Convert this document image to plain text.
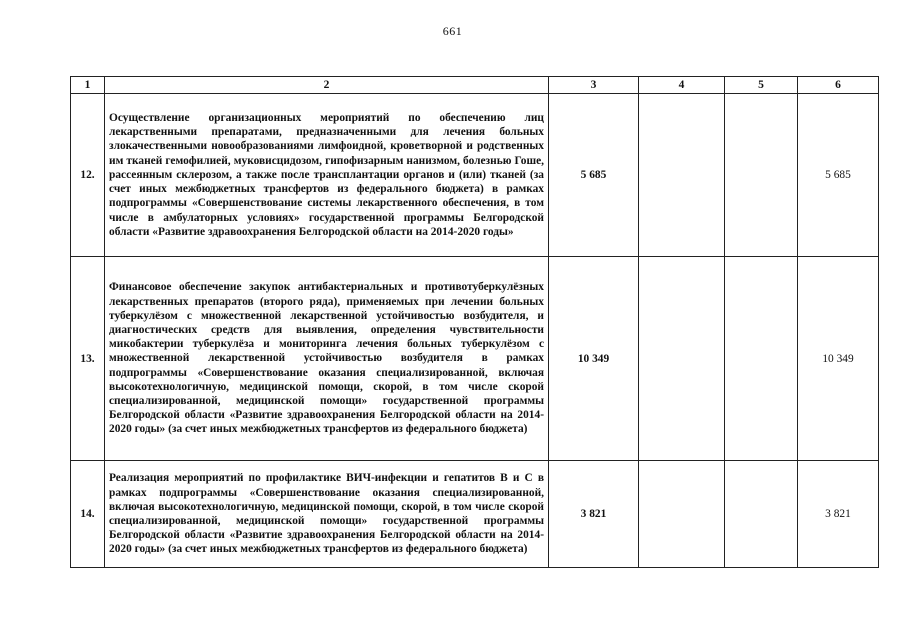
661
1	2	3	4	5	6
12.	Осуществление организационных мероприятий по обеспечению лиц лекарственными препаратами, предназначенными для лечения больных злокачественными новообразованиями лимфоидной, кроветворной и родственных им тканей гемофилией, муковисцидозом, гипофизарным нанизмом, болезнью Гоше, рассеянным склерозом, а также после трансплантации органов и (или) тканей (за счет иных межбюджетных трансфертов из федерального бюджета) в рамках подпрограммы «Совершенствование системы лекарственного обеспечения, в том числе в амбулаторных условиях» государственной программы Белгородской области «Развитие здравоохранения Белгородской области на 2014-2020 годы»	5 685			5 685
13.	Финансовое обеспечение закупок антибактериальных и противотуберкулёзных лекарственных препаратов (второго ряда), применяемых при лечении больных туберкулёзом с множественной лекарственной устойчивостью возбудителя, и диагностических средств для выявления, определения чувствительности микобактерии туберкулёза и мониторинга лечения больных туберкулёзом с множественной лекарственной устойчивостью возбудителя в рамках подпрограммы «Совершенствование оказания специализированной, включая высокотехнологичную, медицинской помощи, скорой, в том числе скорой специализированной, медицинской помощи» государственной программы Белгородской области «Развитие здравоохранения Белгородской области на 2014-2020 годы» (за счет иных межбюджетных трансфертов из федерального бюджета)	10 349			10 349
14.	Реализация мероприятий по профилактике ВИЧ-инфекции и гепатитов В и С в рамках подпрограммы «Совершенствование оказания специализированной, включая высокотехнологичную, медицинской помощи, скорой, в том числе скорой специализированной, медицинской помощи» государственной программы Белгородской области «Развитие здравоохранения Белгородской области на 2014-2020 годы» (за счет иных межбюджетных трансфертов из федерального бюджета)	3 821			3 821
